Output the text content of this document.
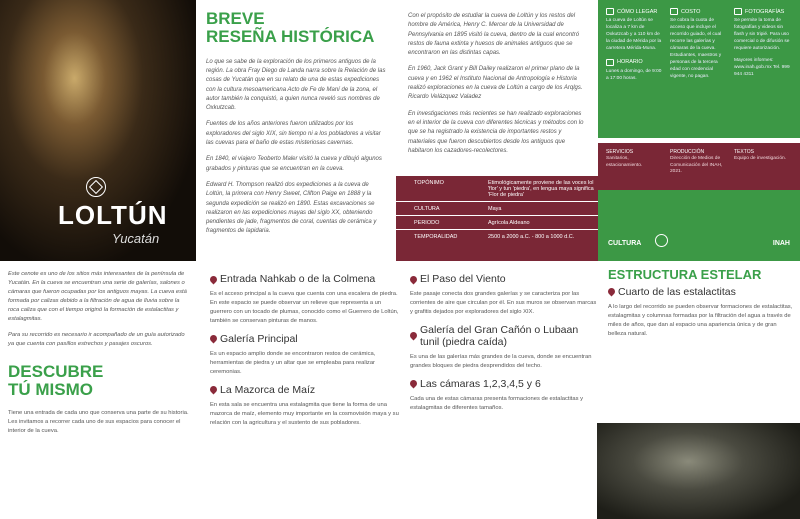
LOLTÚN
Yucatán
BREVE
RESEÑA HISTÓRICA

Lo que se sabe de la exploración de los primeros antiguos de la región. La obra Fray Diego de Landa narra sobre la Relación de las cosas de Yucatán que en su relato de una de estas expediciones con la cultura mesoamericana Acto de Fe de Maní de la zona, el autor también la conquistó, a quien nunca reveló sus nombres de Oxkutzcab.

Fuentes de los años anteriores fueron utilizados por los exploradores del siglo XIX, sin tiempo ni a los pobladores a visitar las cuevas para el baño de estas misteriosas cavernas.

En 1840, el viajero Teoberto Maler visitó la cueva y dibujó algunos grabados y pinturas que se encuentran en la cueva.

Edward H. Thompson realizó dos expediciones a la cueva de Loltún, la primera con Henry Sweet, Clifton Paige en 1888 y la segunda expedición se realizó en 1890. Estas excavaciones se realizaron en las expediciones mayas del siglo XX, obteniendo pendientes de jade, fragmentos de coral, cuentas de cerámica y fragmentos de lapidaria.

Con el propósito de estudiar la cueva de Loltún y los restos del hombre de América, Henry C. Mercer de la Universidad de Pennsylvania en 1895 visitó la cueva, dentro de la cual encontró restos de fauna extinta y huesos de animales antiguos que se encontraron en las distintas capas.

En 1960, Jack Grant y Bill Dailey realizaron el primer plano de la cueva y en 1962 el Instituto Nacional de Antropología e Historia realizó exploraciones en la cueva de Loltún a cargo de los Arqlgs. Ricardo Velázquez Valadez

En investigaciones más recientes se han realizado exploraciones en el interior de la cueva con diferentes técnicas y métodos con lo que se ha registrado la existencia de importantes restos y materiales que fueron descubiertos desde los antiguos que habitaron los cazadores-recolectores.

TOPÓNIMO	Etimológicamente proviene de las voces lol 'flor' y tun 'piedra', en lengua maya significa 'Flor de piedra'
CULTURA	Maya
PERIODO	Agrícola Aldeano
TEMPORALIDAD	2500 a 2000 a.C. - 800 a 1000 d.C.
CÓMO LLEGAR
La cueva de Loltún se localiza a 7 km de Oxkutzcab y a 110 km de la ciudad de Mérida por la carretera Mérida-Muna.
HORARIO
Lunes a domingo, de 9:00 a 17:00 horas.
COSTO
Se cobra la cuota de acceso que incluye el recorrido guiado, el cual recorre las galerías y cámaras de la cueva. Estudiantes, maestros y personas de la tercera edad con credencial vigente, no pagan.
FOTOGRAFÍAS
Se permite la toma de fotografías y videos sin flash y sin tripié. Para uso comercial o de difusión se requiere autorización.
Mayores informes: www.inah.gob.mx Tel. 999 944 4311
SERVICIOS
Sanitarios, estacionamiento.
PRODUCCIÓN
Dirección de Medios de Comunicación del INAH, 2021.
TEXTOS
Equipo de investigación.
CULTURA	INAH

Este cenote es uno de los sitios más interesantes de la península de Yucatán. En la cueva se encuentran una serie de galerías, salones o cámaras que fueron ocupadas por los antiguos mayas. La cueva está formada por calizas debido a la filtración de agua de lluvia sobre la roca caliza que con el tiempo originó la formación de estalactitas y estalagmitas.

Para su recorrido es necesario ir acompañado de un guía autorizado ya que cuenta con pasillos estrechos y pasajes oscuros.

DESCUBRE
TÚ MISMO

Tiene una entrada de cada uno que conserva una parte de su historia. Les invitamos a recorrer cada uno de sus espacios para conocer el interior de la cueva.

Entrada Nahkab o de la Colmena

Es el acceso principal a la cueva que cuenta con una escalera de piedra. En este espacio se puede observar un relieve que representa a un guerrero con un tocado de plumas, conocido como el Guerrero de Loltún, también se conservan pinturas de manos.

Galería Principal

Es un espacio amplio donde se encontraron restos de cerámica, herramientas de piedra y un altar que se empleaba para realizar ceremonias.

La Mazorca de Maíz

En esta sala se encuentra una estalagmita que tiene la forma de una mazorca de maíz, elemento muy importante en la cosmovisión maya y su relación con la agricultura y el sustento de sus pobladores.

El Paso del Viento

Este pasaje conecta dos grandes galerías y se caracteriza por las corrientes de aire que circulan por él. En sus muros se observan marcas y grafitis dejados por exploradores del siglo XIX.

Galería del Gran Cañón o Lubaan tunil (piedra caída)

Es una de las galerías más grandes de la cueva, donde se encuentran grandes bloques de piedra desprendidos del techo.

Las cámaras 1,2,3,4,5 y 6

Cada una de estas cámaras presenta formaciones de estalactitas y estalagmitas de diferentes tamaños.

ESTRUCTURA ESTELAR
Cuarto de las estalactitas

A lo largo del recorrido se pueden observar formaciones de estalactitas, estalagmitas y columnas formadas por la filtración del agua a través de miles de años, que dan al espacio una apariencia única y de gran belleza natural.
